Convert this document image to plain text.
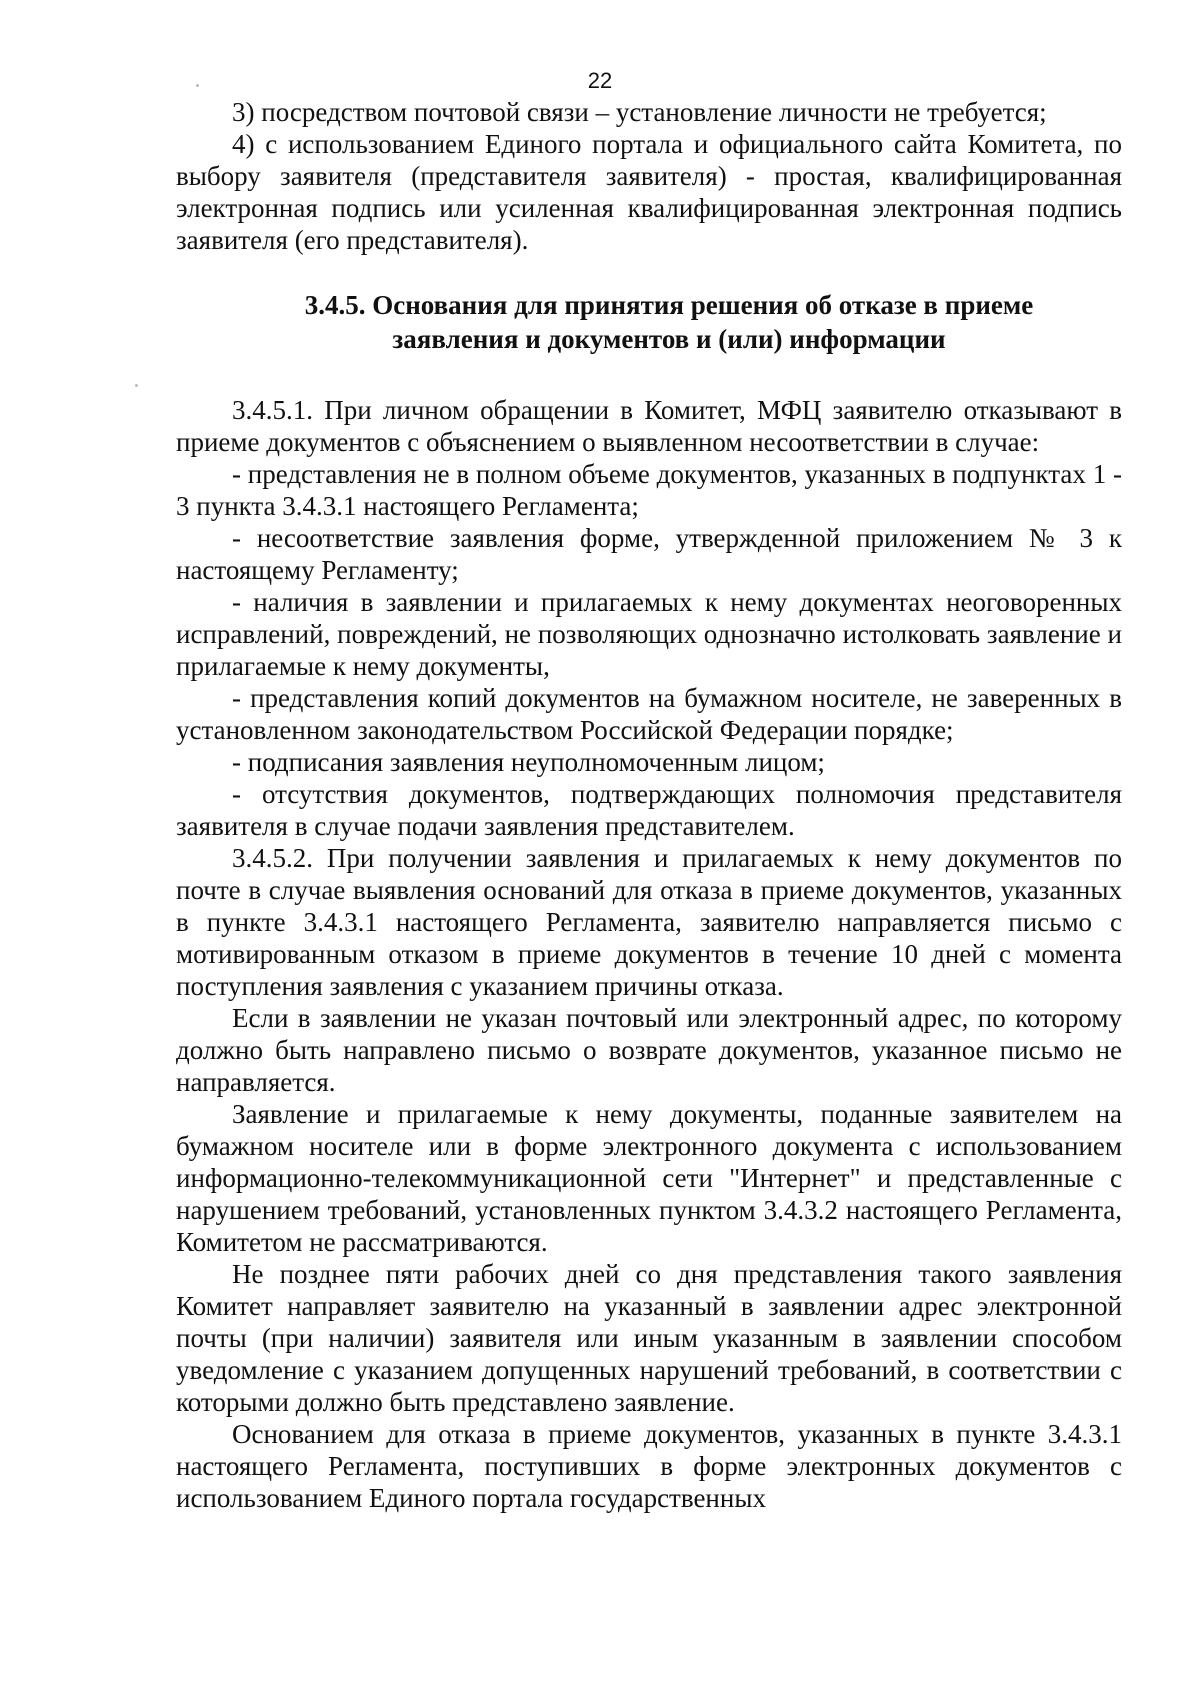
22

3) посредством почтовой связи – установление личности не требуется;

4) с использованием Единого портала и официального сайта Комитета, по выбору заявителя (представителя заявителя) - простая, квалифицированная электронная подпись или усиленная квалифицированная электронная подпись заявителя (его представителя).

3.4.5. Основания для принятия решения об отказе в приеме
заявления и документов и (или) информации

3.4.5.1. При личном обращении в Комитет, МФЦ заявителю отказывают в приеме документов с объяснением о выявленном несоответствии в случае:

- представления не в полном объеме документов, указанных в подпунктах 1 - 3 пункта 3.4.3.1 настоящего Регламента;

- несоответствие заявления форме, утвержденной приложением № 3 к настоящему Регламенту;

- наличия в заявлении и прилагаемых к нему документах неоговоренных исправлений, повреждений, не позволяющих однозначно истолковать заявление и прилагаемые к нему документы,

- представления копий документов на бумажном носителе, не заверенных в установленном законодательством Российской Федерации порядке;

- подписания заявления неуполномоченным лицом;

- отсутствия документов, подтверждающих полномочия представителя заявителя в случае подачи заявления представителем.

3.4.5.2. При получении заявления и прилагаемых к нему документов по почте в случае выявления оснований для отказа в приеме документов, указанных в пункте 3.4.3.1 настоящего Регламента, заявителю направляется письмо с мотивированным отказом в приеме документов в течение 10 дней с момента поступления заявления с указанием причины отказа.

Если в заявлении не указан почтовый или электронный адрес, по которому должно быть направлено письмо о возврате документов, указанное письмо не направляется.

Заявление и прилагаемые к нему документы, поданные заявителем на бумажном носителе или в форме электронного документа с использованием информационно-телекоммуникационной сети "Интернет" и представленные с нарушением требований, установленных пунктом 3.4.3.2 настоящего Регламента, Комитетом не рассматриваются.

Не позднее пяти рабочих дней со дня представления такого заявления Комитет направляет заявителю на указанный в заявлении адрес электронной почты (при наличии) заявителя или иным указанным в заявлении способом уведомление с указанием допущенных нарушений требований, в соответствии с которыми должно быть представлено заявление.

Основанием для отказа в приеме документов, указанных в пункте 3.4.3.1 настоящего Регламента, поступивших в форме электронных документов с использованием Единого портала государственных
